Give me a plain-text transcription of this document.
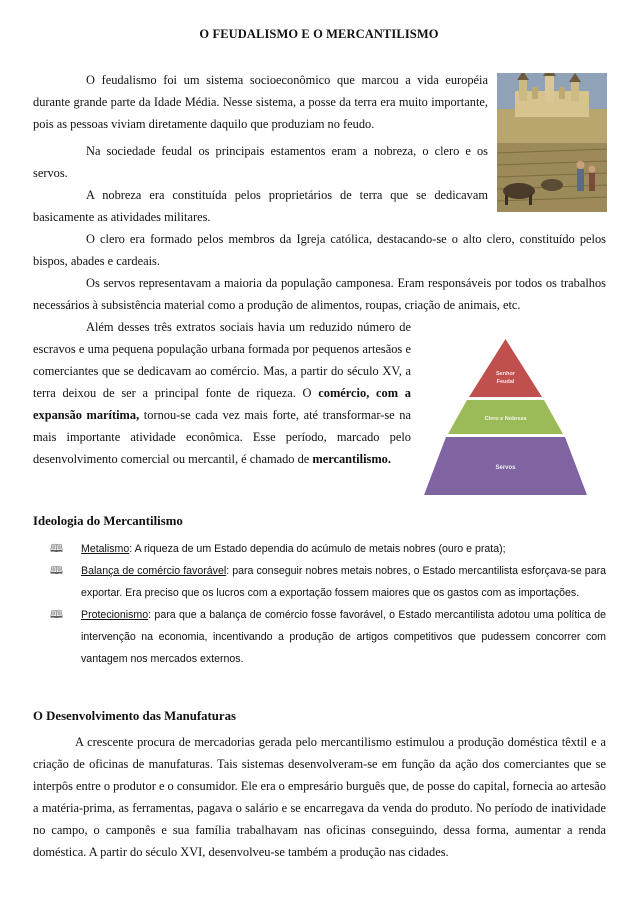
O FEUDALISMO E O MERCANTILISMO

O feudalismo foi um sistema socioeconômico que marcou a vida européia durante grande parte da Idade Média. Nesse sistema, a posse da terra era muito importante, pois as pessoas viviam diretamente daquilo que produziam no feudo.

Na sociedade feudal os principais estamentos eram a nobreza, o clero e os servos.

A nobreza era constituída pelos proprietários de terra que se dedicavam basicamente as atividades militares.

O clero era formado pelos membros da Igreja católica, destacando-se o alto clero, constituído pelos bispos, abades e cardeais.

Os servos representavam a maioria da população camponesa. Eram responsáveis por todos os trabalhos necessários à subsistência material como a produção de alimentos, roupas, criação de animais, etc.

Além desses três extratos sociais havia um reduzido número de escravos e uma pequena população urbana formada por pequenos artesãos e comerciantes que se dedicavam ao comércio. Mas, a partir do século XV, a terra deixou de ser a principal fonte de riqueza. O comércio, com a expansão marítima, tornou-se cada vez mais forte, até transformar-se na mais importante atividade econômica. Esse período, marcado pelo desenvolvimento comercial ou mercantil, é chamado de mercantilismo.

Senhor Feudal
Clero e Nobreza
Servos
Ideologia do Mercantilismo
🕮 Metalismo: A riqueza de um Estado dependia do acúmulo de metais nobres (ouro e prata);
🕮 Balança de comércio favorável: para conseguir nobres metais nobres, o Estado mercantilista esforçava-se para exportar. Era preciso que os lucros com a exportação fossem maiores que os gastos com as importações.
🕮 Protecionismo: para que a balança de comércio fosse favorável, o Estado mercantilista adotou uma política de intervenção na economia, incentivando a produção de artigos competitivos que pudessem concorrer com vantagem nos mercados externos.
O Desenvolvimento das Manufaturas

A crescente procura de mercadorias gerada pelo mercantilismo estimulou a produção doméstica têxtil e a criação de oficinas de manufaturas. Tais sistemas desenvolveram-se em função da ação dos comerciantes que se interpôs entre o produtor e o consumidor. Ele era o empresário burguês que, de posse do capital, fornecia ao artesão a matéria-prima, as ferramentas, pagava o salário e se encarregava da venda do produto. No período de inatividade no campo, o camponês e sua família trabalhavam nas oficinas conseguindo, dessa forma, aumentar a renda doméstica. A partir do século XVI, desenvolveu-se também a produção nas cidades.
